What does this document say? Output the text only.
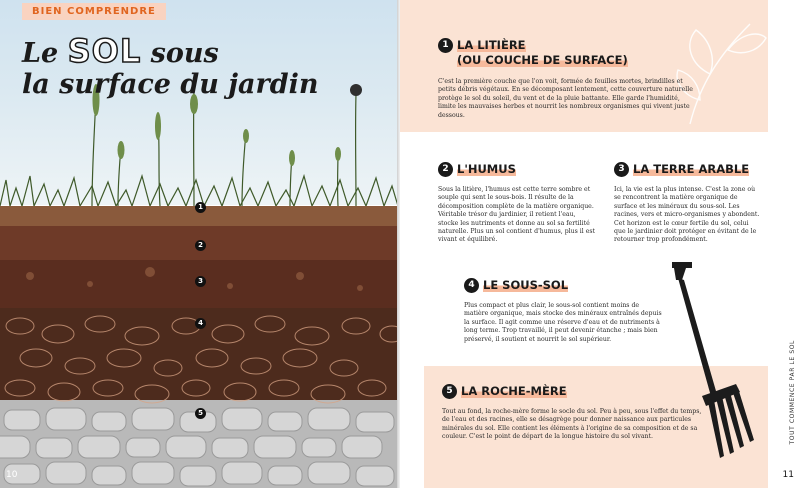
BIEN COMPRENDRE
Le SOL sous
la surface du jardin
1
2
3
4
5
10
1 LA LITIÈRE
(OU COUCHE DE SURFACE)
C'est la première couche que l'on voit, formée de feuilles mortes, brindilles et petits débris végétaux. En se décomposant lentement, cette couverture naturelle protège le sol du soleil, du vent et de la pluie battante. Elle garde l'humidité, limite les mauvaises herbes et nourrit les nombreux organismes qui vivent juste dessous.
2 L'HUMUS
Sous la litière, l'humus est cette terre sombre et souple qui sent le sous-bois. Il résulte de la décomposition complète de la matière organique. Véritable trésor du jardinier, il retient l'eau, stocke les nutriments et donne au sol sa fertilité naturelle. Plus un sol contient d'humus, plus il est vivant et équilibré.
3 LA TERRE ARABLE
Ici, la vie est la plus intense. C'est la zone où se rencontrent la matière organique de surface et les minéraux du sous-sol. Les racines, vers et micro-organismes y abondent. Cet horizon est le cœur fertile du sol, celui que le jardinier doit protéger en évitant de le retourner trop profondément.
4 LE SOUS-SOL
Plus compact et plus clair, le sous-sol contient moins de matière organique, mais stocke des minéraux entraînés depuis la surface. Il agit comme une réserve d'eau et de nutriments à long terme. Trop travaillé, il peut devenir étanche ; mais bien préservé, il soutient et nourrit le sol supérieur.
5 LA ROCHE-MÈRE
Tout au fond, la roche-mère forme le socle du sol. Peu à peu, sous l'effet du temps, de l'eau et des racines, elle se désagrège pour donner naissance aux particules minérales du sol. Elle contient les éléments à l'origine de sa composition et de sa couleur. C'est le point de départ de la longue histoire du sol vivant.	TOUT COMMENCE PAR LE SOL
11
